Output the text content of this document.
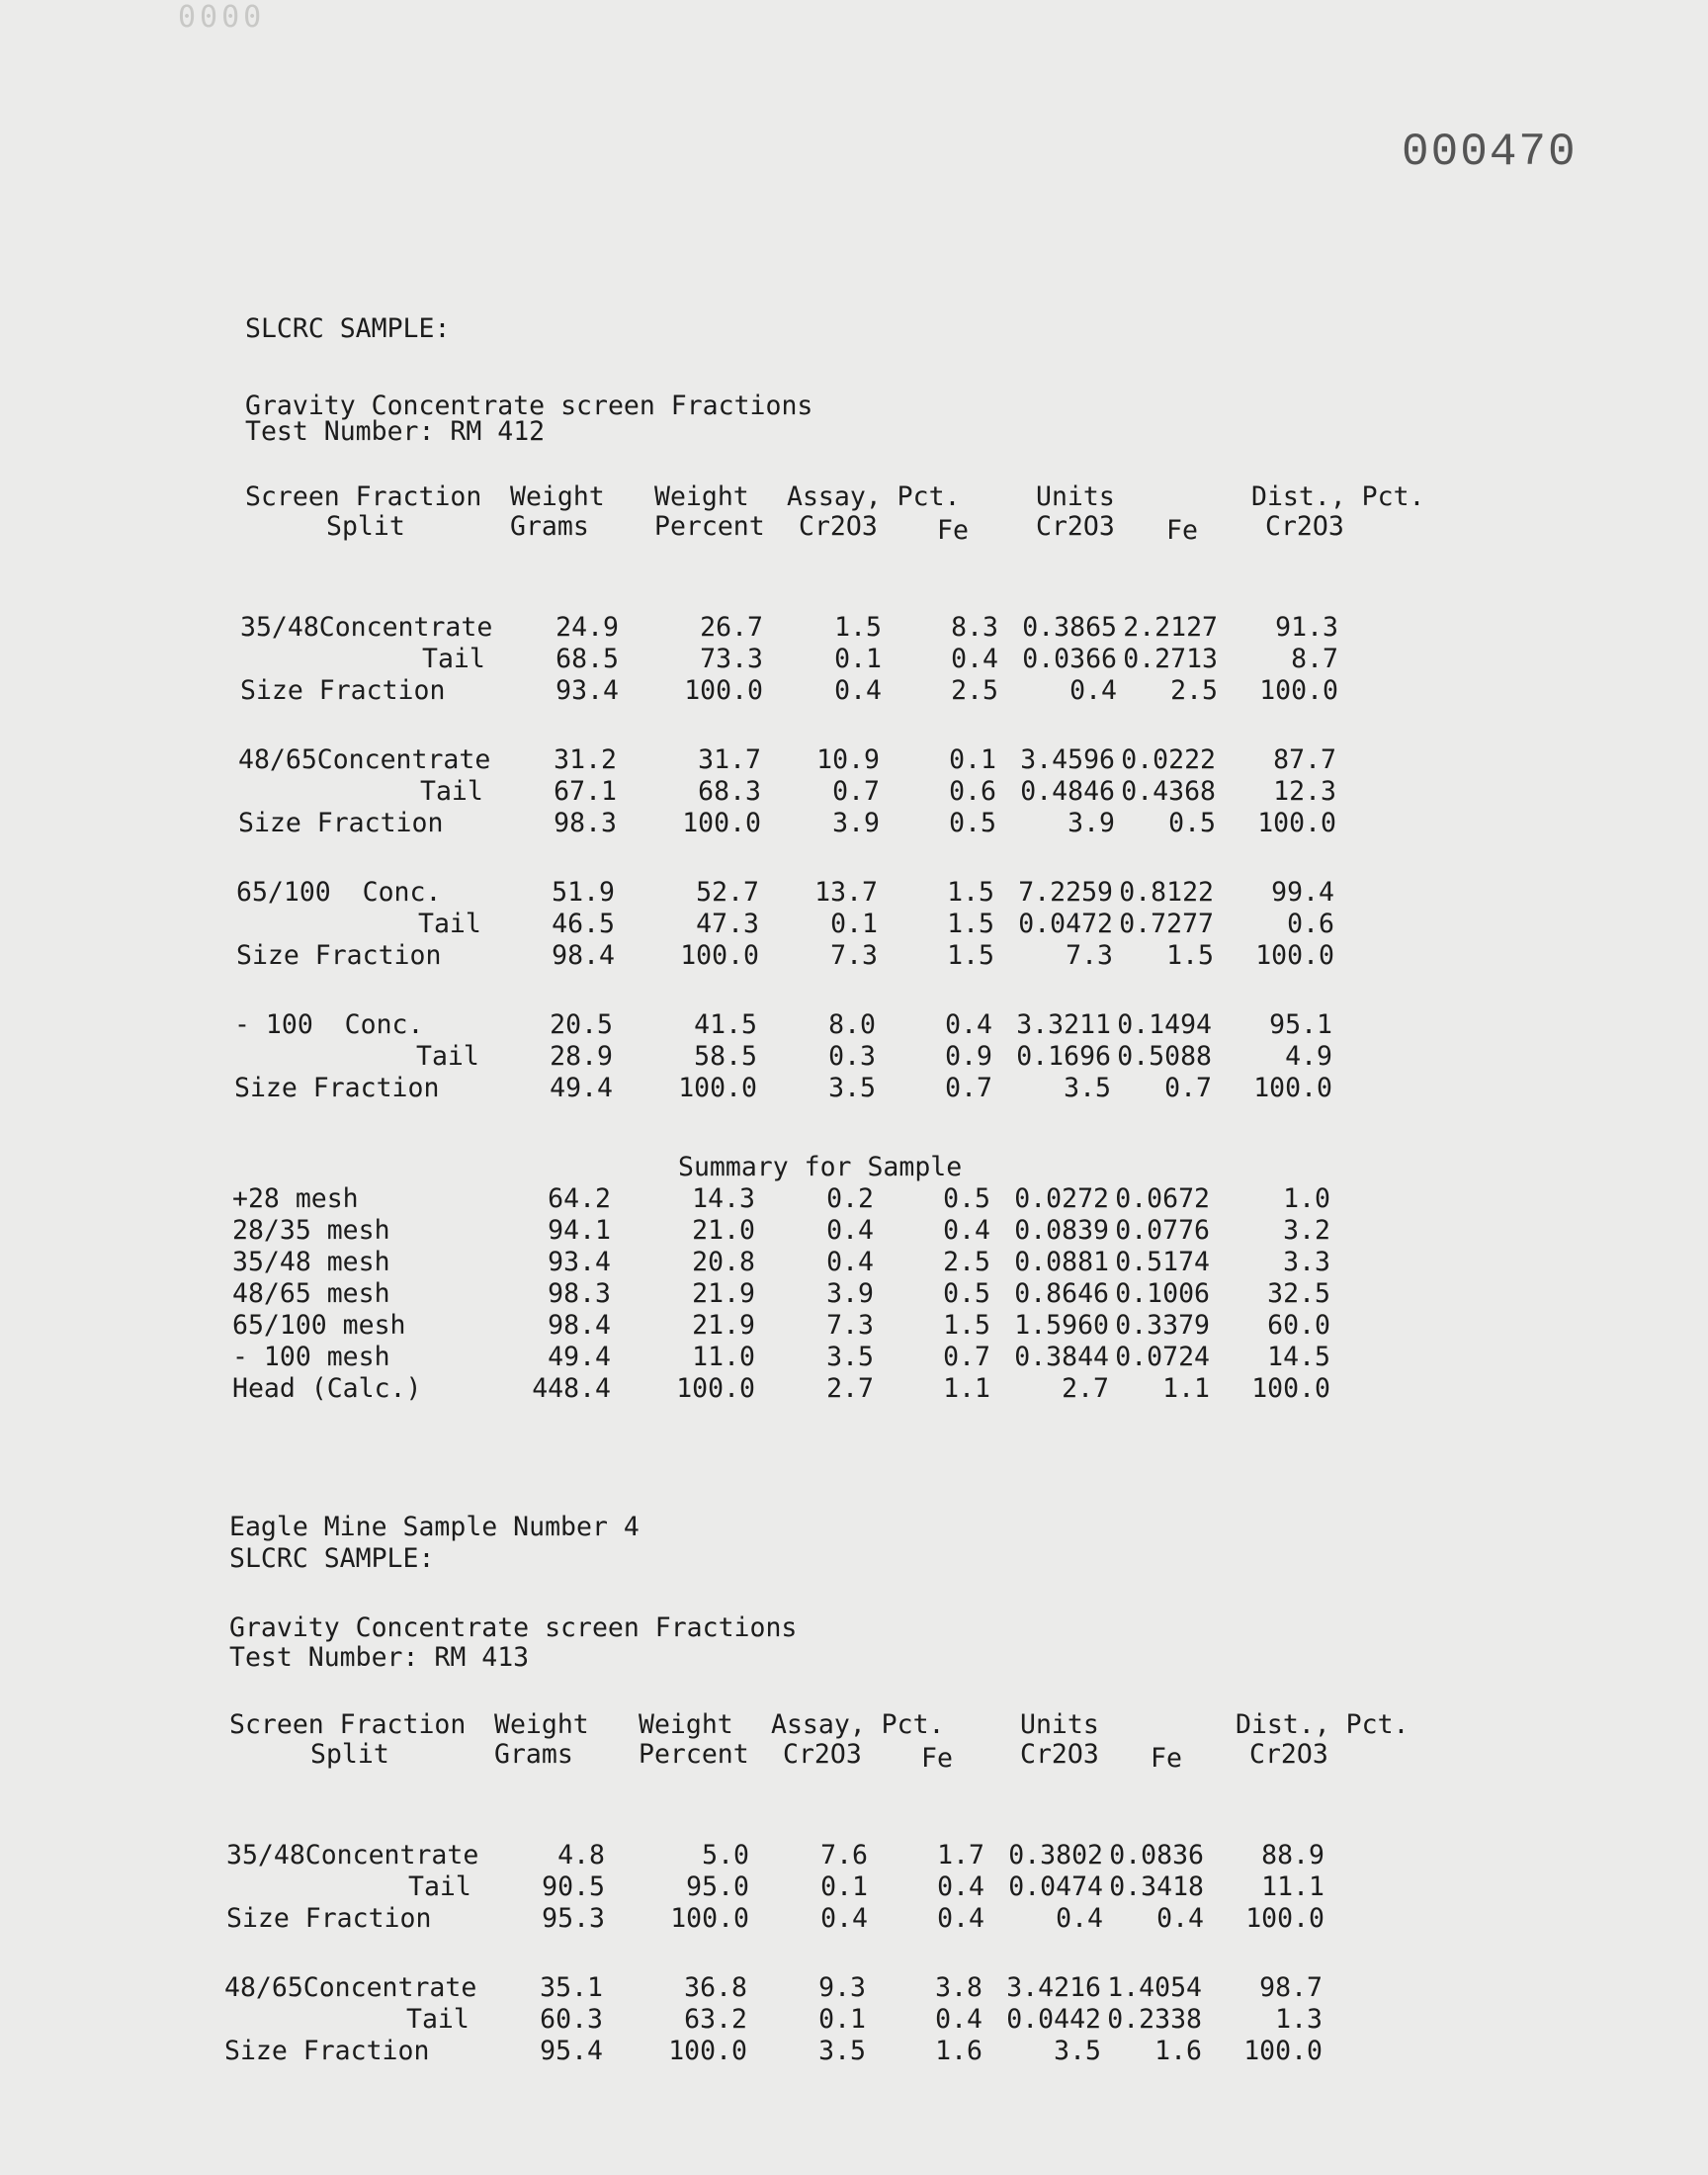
0000
000470
SLCRC SAMPLE:
Gravity Concentrate screen Fractions
Test Number: RM 412
Screen Fraction Weight Weight Assay, Pct.	Units	Dist., Pct.
Split	Grams Percent Cr2O3 Fe	Cr2O3 Fe	Cr2O3
35/48Concentrate	24.9	26.7	1.5	8.3 0.3865 2.2127	91.3
Tail	68.5	73.3	0.1	0.4 0.0366 0.2713	8.7
Size Fraction	93.4	100.0	0.4	2.5	0.4	2.5	100.0
48/65Concentrate	31.2	31.7	10.9	0.1 3.4596 0.0222	87.7
Tail	67.1	68.3	0.7	0.6 0.4846 0.4368	12.3
Size Fraction	98.3	100.0	3.9	0.5	3.9	0.5	100.0
65/100  Conc.	51.9	52.7	13.7	1.5 7.2259 0.8122	99.4
Tail	46.5	47.3	0.1	1.5 0.0472 0.7277	0.6
Size Fraction	98.4	100.0	7.3	1.5	7.3	1.5	100.0
- 100  Conc.	20.5	41.5	8.0	0.4 3.3211 0.1494	95.1
Tail	28.9	58.5	0.3	0.9 0.1696 0.5088	4.9
Size Fraction	49.4	100.0	3.5	0.7	3.5	0.7	100.0
Summary for Sample
+28 mesh	64.2	14.3	0.2	0.5 0.0272 0.0672	1.0
28/35 mesh	94.1	21.0	0.4	0.4 0.0839 0.0776	3.2
35/48 mesh	93.4	20.8	0.4	2.5 0.0881 0.5174	3.3
48/65 mesh	98.3	21.9	3.9	0.5 0.8646 0.1006	32.5
65/100 mesh	98.4	21.9	7.3	1.5 1.5960 0.3379	60.0
- 100 mesh	49.4	11.0	3.5	0.7 0.3844 0.0724	14.5
Head (Calc.)	448.4	100.0	2.7	1.1	2.7	1.1	100.0
Eagle Mine Sample Number 4
SLCRC SAMPLE:
Gravity Concentrate screen Fractions
Test Number: RM 413
Screen Fraction Weight Weight Assay, Pct.	Units	Dist., Pct.
Split	Grams Percent Cr2O3 Fe	Cr2O3 Fe	Cr2O3
35/48Concentrate	4.8	5.0	7.6	1.7 0.3802 0.0836	88.9
Tail	90.5	95.0	0.1	0.4 0.0474 0.3418	11.1
Size Fraction	95.3	100.0	0.4	0.4	0.4	0.4	100.0
48/65Concentrate	35.1	36.8	9.3	3.8 3.4216 1.4054	98.7
Tail	60.3	63.2	0.1	0.4 0.0442 0.2338	1.3
Size Fraction	95.4	100.0	3.5	1.6	3.5	1.6	100.0
